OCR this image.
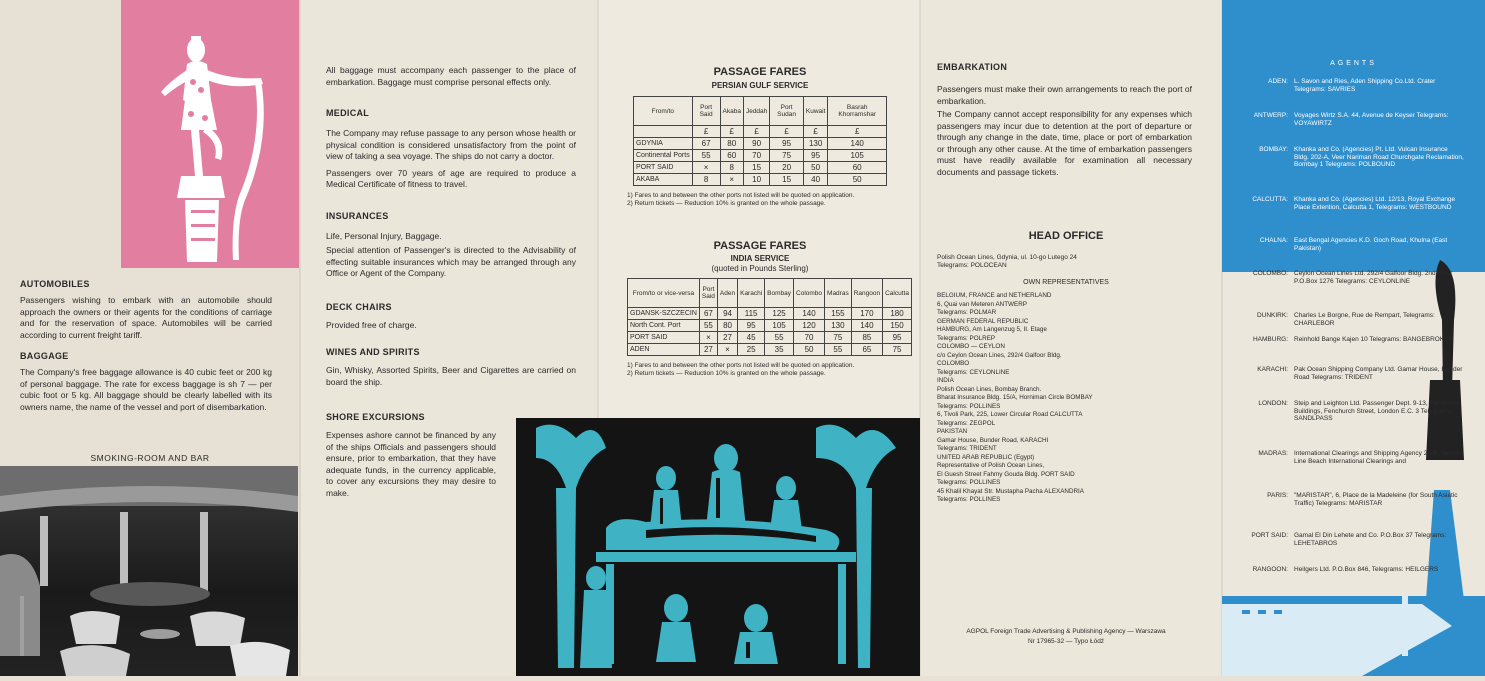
AUTOMOBILES

Passengers wishing to embark with an automobile should approach the owners or their agents for the conditions of carriage and for the reservation of space. Automobiles will be carried according to current freight tariff.

BAGGAGE

The Company's free baggage allowance is 40 cubic feet or 200 kg of personal baggage. The rate for excess baggage is sh 7 — per cubic foot or 5 kg. All baggage should be clearly labelled with its owners name, the name of the vessel and port of disembarkation.

SMOKING-ROOM AND BAR

All baggage must accompany each passenger to the place of embarkation. Baggage must comprise personal effects only.

MEDICAL

The Company may refuse passage to any person whose health or physical condition is considered unsatisfactory from the point of view of taking a sea voyage. The ships do not carry a doctor.

Passengers over 70 years of age are required to produce a Medical Certificate of fitness to travel.

INSURANCES

Life, Personal Injury, Baggage.

Special attention of Passenger's is directed to the Advisability of effecting suitable insurances which may be arranged through any Office or Agent of the Company.

DECK CHAIRS

Provided free of charge.

WINES AND SPIRITS

Gin, Whisky, Assorted Spirits, Beer and Cigarettes are carried on board the ship.

SHORE EXCURSIONS

Expenses ashore cannot be financed by any of the ships Officials and passengers should ensure, prior to embarkation, that they have adequate funds, in the currency applicable, to cover any excursions they may desire to make.

PASSAGE FARES
PERSIAN GULF SERVICE
From/to	Port Said	Akaba	Jeddah	Port Sudan	Kuwait	Basrah Khorramshar
	£	£	£	£	£	£
GDYNIA	67	80	90	95	130	140
Continental Ports	55	60	70	75	95	105
PORT SAID	×	8	15	20	50	60
AKABA	8	×	10	15	40	50

1) Fares to and between the other ports not listed will be quoted on application.

2) Return tickets — Reduction 10% is granted on the whole passage.

PASSAGE FARES
INDIA SERVICE
(quoted in Pounds Sterling)
From/to or vice-versa	Port Said	Aden	Karachi	Bombay	Colombo	Madras	Rangoon	Calcutta
GDANSK-SZCZECIN	67	94	115	125	140	155	170	180
North Cont. Port	55	80	95	105	120	130	140	150
PORT SAID	×	27	45	55	70	75	85	95
ADEN	27	×	25	35	50	55	65	75

1) Fares to and between the other ports not listed will be quoted on application.

2) Return tickets — Reduction 10% is granted on the whole passage.

EMBARKATION

Passengers must make their own arrangements to reach the port of embarkation.

The Company cannot accept responsibility for any expenses which passengers may incur due to detention at the port of departure or through any change in the date, time, place or port of embarkation or through any other cause. At the time of embarkation passengers must have readily available for examination all necessary documents and passage tickets.

HEAD OFFICE
Polish Ocean Lines, Gdynia, ul. 10-go Lutego 24
Telegrams: POLOCEAN
OWN REPRESENTATIVES
BELGIUM, FRANCE and NETHERLAND
6, Quai van Meteren ANTWERP
Telegrams: POLMAR
GERMAN FEDERAL REPUBLIC
HAMBURG, Am Langenzug 5, II. Etage
Telegrams: POLREP
COLOMBO — CEYLON
c/o Ceylon Ocean Lines, 292/4 Galfoor Bldg.
COLOMBO
Telegrams: CEYLONLINE
INDIA
Polish Ocean Lines, Bombay Branch.
Bharat Insurance Bldg. 15/A, Horniman Circle BOMBAY
Telegrams: POLLINES
6, Tivoli Park, 225, Lower Circular Road CALCUTTA
Telegrams: ZEGPOL
PAKISTAN
Gamar House, Bunder Road, KARACHI
Telegrams: TRIDENT
UNITED ARAB REPUBLIC (Egypt)
Representative of Polish Ocean Lines,
El Guesh Street Fahmy Gouda Bldg. PORT SAID
Telegrams: POLLINES
45 Khalil Khayat Str. Mustapha Pacha ALEXANDRIA
Telegrams: POLLINES
AGPOL Foreign Trade Advertising & Publishing Agency — Warszawa
Nr 17965-32 — Typo Łódź
AGENTS
ADEN: L. Savon and Ries, Aden Shipping Co.Ltd. Crater Telegrams: SAVRIES
ANTWERP: Voyages Wirtz S.A. 44, Avenue de Keyser Telegrams: VOYAWIRTZ
BOMBAY: Khanka and Co. (Agencies) Pt. Ltd. Vulcan Insurance Bldg. 202-A, Veer Nariman Road Churchgate Reclamation, Bombay 1 Telegrams: POLBOUND
CALCUTTA: Khanka and Co. (Agencies) Ltd. 12/13, Royal Exchange Place Extention, Calcutta 1, Telegrams: WESTBOUND
CHALNA: East Bengal Agencies K.D. Goch Road, Khulna (East Pakistan)
COLOMBO: Ceylon Ocean Lines Ltd. 292/4 Galfoor Bldg. 2nd Floor P.O.Box 1276 Telegrams: CEYLONLINE
DUNKIRK: Charles Le Borgne, Rue de Rempart, Telegrams: CHARLEBOR
HAMBURG: Reinhold Bange Kajen 10 Telegrams: BANGEBROKER
KARACHI: Pak Ocean Shipping Company Ltd. Gamar House, Bunder Road Telegrams: TRIDENT
LONDON: Steip and Leighton Ltd. Passenger Dept. 9-13, Fenchurch Buildings, Fenchurch Street, London E.C. 3 Telegrams: SANDLPASS
MADRAS: International Clearings and Shipping Agency 20-B, Second Line Beach International Clearings and
PARIS: "MARISTAR", 6, Place de la Madeleine (for South Asiatic Traffic) Telegrams: MARISTAR
PORT SAID: Gamal El Din Lehete and Co. P.O.Box 37 Telegrams: LEHETABROS
RANGOON: Heilgers Ltd. P.O.Box 846, Telegrams: HEILGERS
